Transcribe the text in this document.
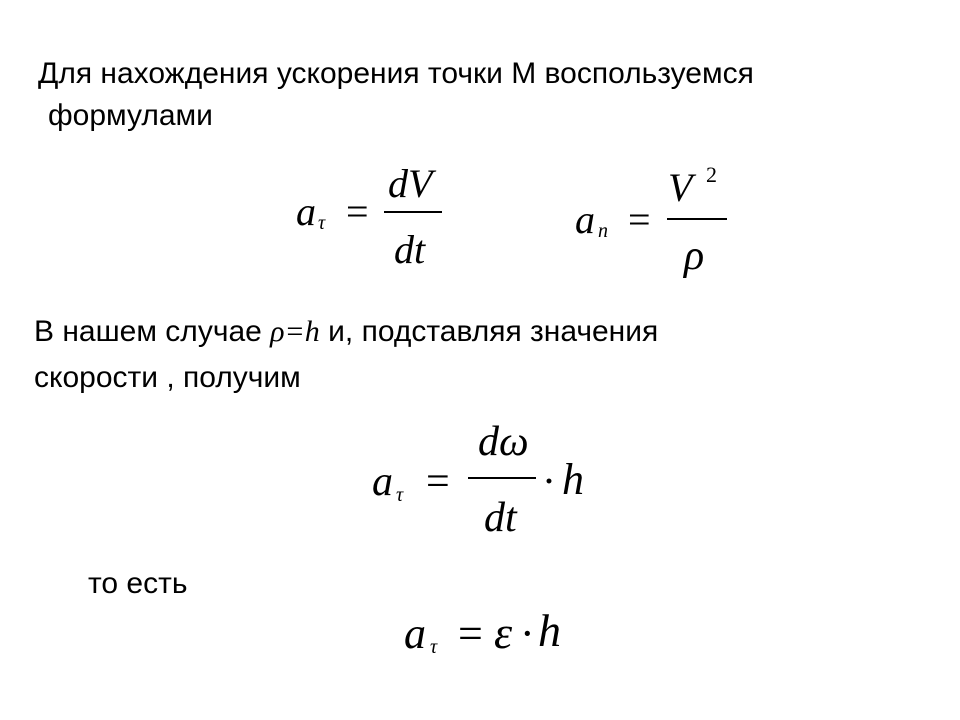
Для нахождения ускорения точки M воспользуемся
формулами
a τ =
dV
dt
a n =
V 2
ρ
В нашем случае ρ=h и, подставляя значения
скорости , получим
a τ =
dω
dt
· h
то есть
a τ = ε · h
